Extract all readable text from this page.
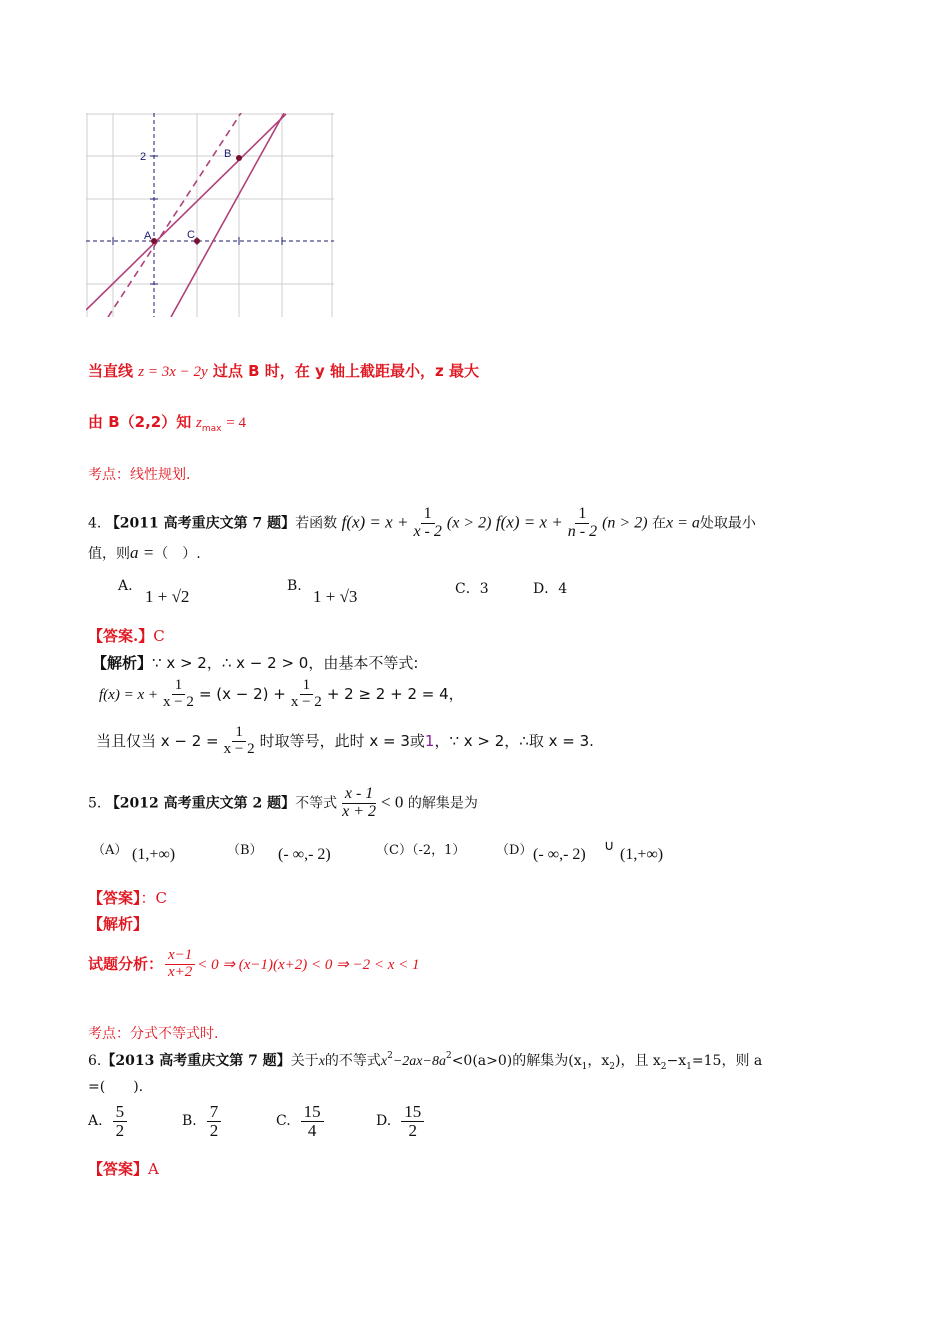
2
A
B
C
当直线 z = 3x − 2y 过点 B 时，在 y 轴上截距最小，z 最大
由 B（2,2）知 $z_{max} = 4$
考点：线性规划.
4. 【2011 高考重庆文第 7 题】若函数 $f(x) = x + \frac{1}{x - 2} (x > 2) f(x) = x + \frac{1}{n - 2} (n > 2)$ 在x = a处取最小
值，则a =（　）.
A.
1 + √2
B.
1 + √3	C．3	D．4
【答案.】C
【解析】∵ x > 2，∴ x − 2 > 0，由基本不等式:
$f(x) = x + \frac{1}{x - 2} = (x - 2) + \frac{1}{x - 2} + 2 \ge 2 + 2 = 4$，
当且仅当 $x - 2 = \frac{1}{x - 2}$ 时取等号，此时 x = 3或1，∵ x > 2，∴取 x = 3.
5. 【2012 高考重庆文第 2 题】不等式 $\frac{x - 1}{x + 2} < 0$ 的解集是为
（A） (1,+∞)	（B） (- ∞,- 2)	（C）（-2，1） （D） (- ∞,- 2) ∪ (1,+∞)
【答案】：C
【解析】
试题分析： $\frac{x-1}{x+2} < 0$ ⇒ (x−1)(x+2) < 0 ⇒ −2 < x < 1
考点：分式不等式时.
6.【2013 高考重庆文第 7 题】关于x的不等式$x^2-2ax-8a^2<0(a>0)$的解集为($x_1$，$x_2$)，且 $x_2-x_1=15$，则 a
=(　　).
A. $\frac{5}{2}$	B. $\frac{7}{2}$	C. $\frac{15}{4}$	D. $\frac{15}{2}$
【答案】A
